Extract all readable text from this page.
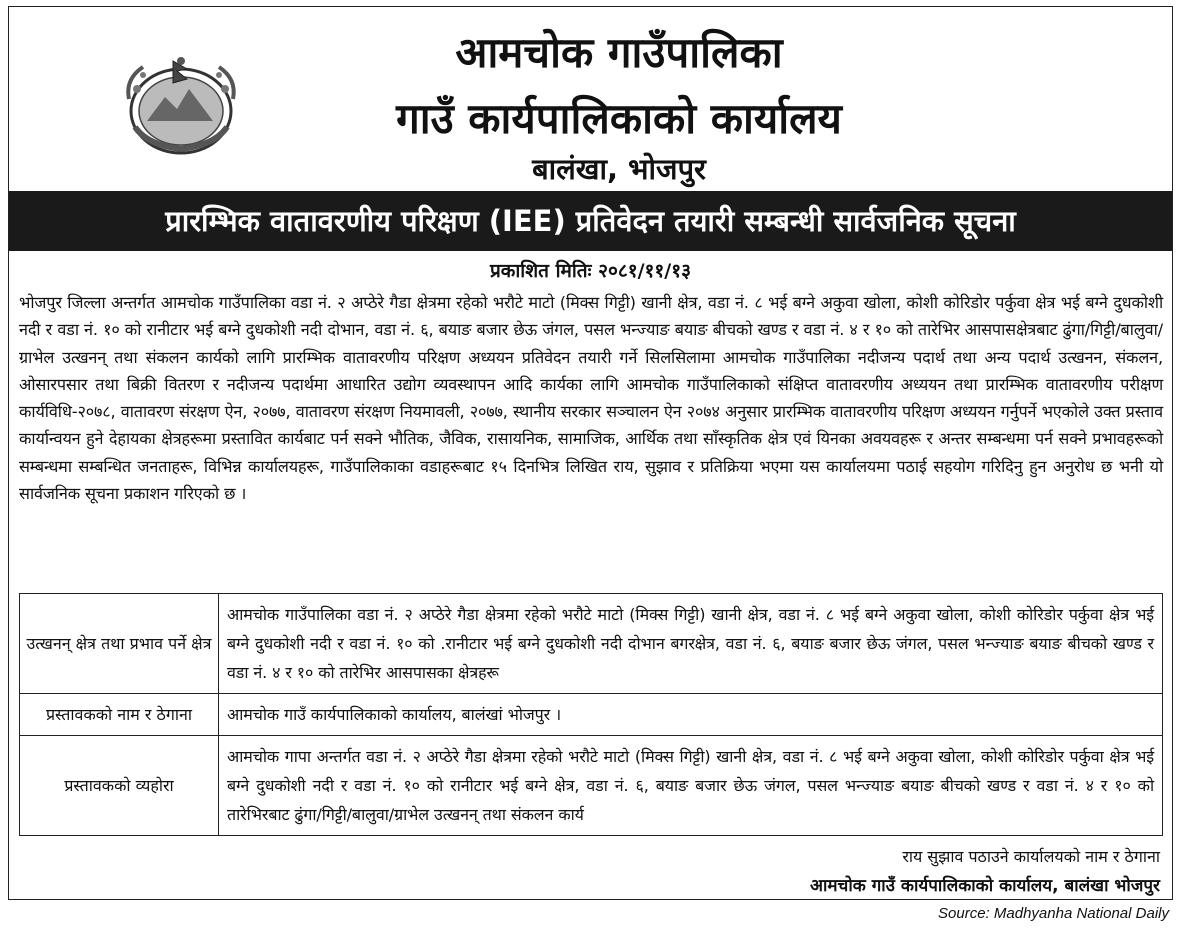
आमचोक गाउँपालिका
गाउँ कार्यपालिकाको कार्यालय
बालंखा, भोजपुर
प्रारम्भिक वातावरणीय परिक्षण (IEE) प्रतिवेदन तयारी सम्बन्धी सार्वजनिक सूचना
प्रकाशित मितिः २०८१/११/१३
भोजपुर जिल्ला अन्तर्गत आमचोक गाउँपालिका वडा नं. २ अप्ठेरे गैडा क्षेत्रमा रहेको भरौटे माटो (मिक्स गिट्टी) खानी क्षेत्र, वडा नं. ८ भई बग्ने अकुवा खोला, कोशी कोरिडोर पर्कुवा क्षेत्र भई बग्ने दुधकोशी नदी र वडा नं. १० को रानीटार भई बग्ने दुधकोशी नदी दोभान, वडा नं. ६, बयाङ बजार छेऊ जंगल, पसल भन्ज्याङ बयाङ बीचको खण्ड र वडा नं. ४ र १० को तारेभिर आसपासक्षेत्रबाट ढुंगा/गिट्टी/बालुवा/ग्राभेल उत्खनन् तथा संकलन कार्यको लागि प्रारम्भिक वातावरणीय परिक्षण अध्ययन प्रतिवेदन तयारी गर्ने सिलसिलामा आमचोक गाउँपालिका नदीजन्य पदार्थ तथा अन्य पदार्थ उत्खनन, संकलन, ओसारपसार तथा बिक्री वितरण र नदीजन्य पदार्थमा आधारित उद्योग व्यवस्थापन आदि कार्यका लागि आमचोक गाउँपालिकाको संक्षिप्त वातावरणीय अध्ययन तथा प्रारम्भिक वातावरणीय परीक्षण कार्यविधि-२०७८, वातावरण संरक्षण ऐन, २०७७, वातावरण संरक्षण नियमावली, २०७७, स्थानीय सरकार सञ्चालन ऐन २०७४ अनुसार प्रारम्भिक वातावरणीय परिक्षण अध्ययन गर्नुपर्ने भएकोले उक्त प्रस्ताव कार्यान्वयन हुने देहायका क्षेत्रहरूमा प्रस्तावित कार्यबाट पर्न सक्ने भौतिक, जैविक, रासायनिक, सामाजिक, आर्थिक तथा साँस्कृतिक क्षेत्र एवं यिनका अवयवहरू र अन्तर सम्बन्धमा पर्न सक्ने प्रभावहरूको सम्बन्धमा सम्बन्धित जनताहरू, विभिन्न कार्यालयहरू, गाउँपालिकाका वडाहरूबाट १५ दिनभित्र लिखित राय, सुझाव र प्रतिक्रिया भएमा यस कार्यालयमा पठाई सहयोग गरिदिनु हुन अनुरोध छ भनी यो सार्वजनिक सूचना प्रकाशन गरिएको छ ।
उत्खनन् क्षेत्र तथा प्रभाव पर्ने क्षेत्र	आमचोक गाउँपालिका वडा नं. २ अप्ठेरे गैडा क्षेत्रमा रहेको भरौटे माटो (मिक्स गिट्टी) खानी क्षेत्र, वडा नं. ८ भई बग्ने अकुवा खोला, कोशी कोरिडोर पर्कुवा क्षेत्र भई बग्ने दुधकोशी नदी र वडा नं. १० को .रानीटार भई बग्ने दुधकोशी नदी दोभान बगरक्षेत्र, वडा नं. ६, बयाङ बजार छेऊ जंगल, पसल भन्ज्याङ बयाङ बीचको खण्ड र वडा नं. ४ र १० को तारेभिर आसपासका क्षेत्रहरू
प्रस्तावकको नाम र ठेगाना	आमचोक गाउँ कार्यपालिकाको कार्यालय, बालंखां भोजपुर ।
प्रस्तावकको व्यहोरा	आमचोक गापा अन्तर्गत वडा नं. २ अप्ठेरे गैडा क्षेत्रमा रहेको भरौटे माटो (मिक्स गिट्टी) खानी क्षेत्र, वडा नं. ८ भई बग्ने अकुवा खोला, कोशी कोरिडोर पर्कुवा क्षेत्र भई बग्ने दुधकोशी नदी र वडा नं. १० को रानीटार भई बग्ने क्षेत्र, वडा नं. ६, बयाङ बजार छेऊ जंगल, पसल भन्ज्याङ बयाङ बीचको खण्ड र वडा नं. ४ र १० को तारेभिरबाट ढुंगा/गिट्टी/बालुवा/ग्राभेल उत्खनन् तथा संकलन कार्य
राय सुझाव पठाउने कार्यालयको नाम र ठेगाना
आमचोक गाउँ कार्यपालिकाको कार्यालय, बालंखा भोजपुर
Source: Madhyanha National Daily
